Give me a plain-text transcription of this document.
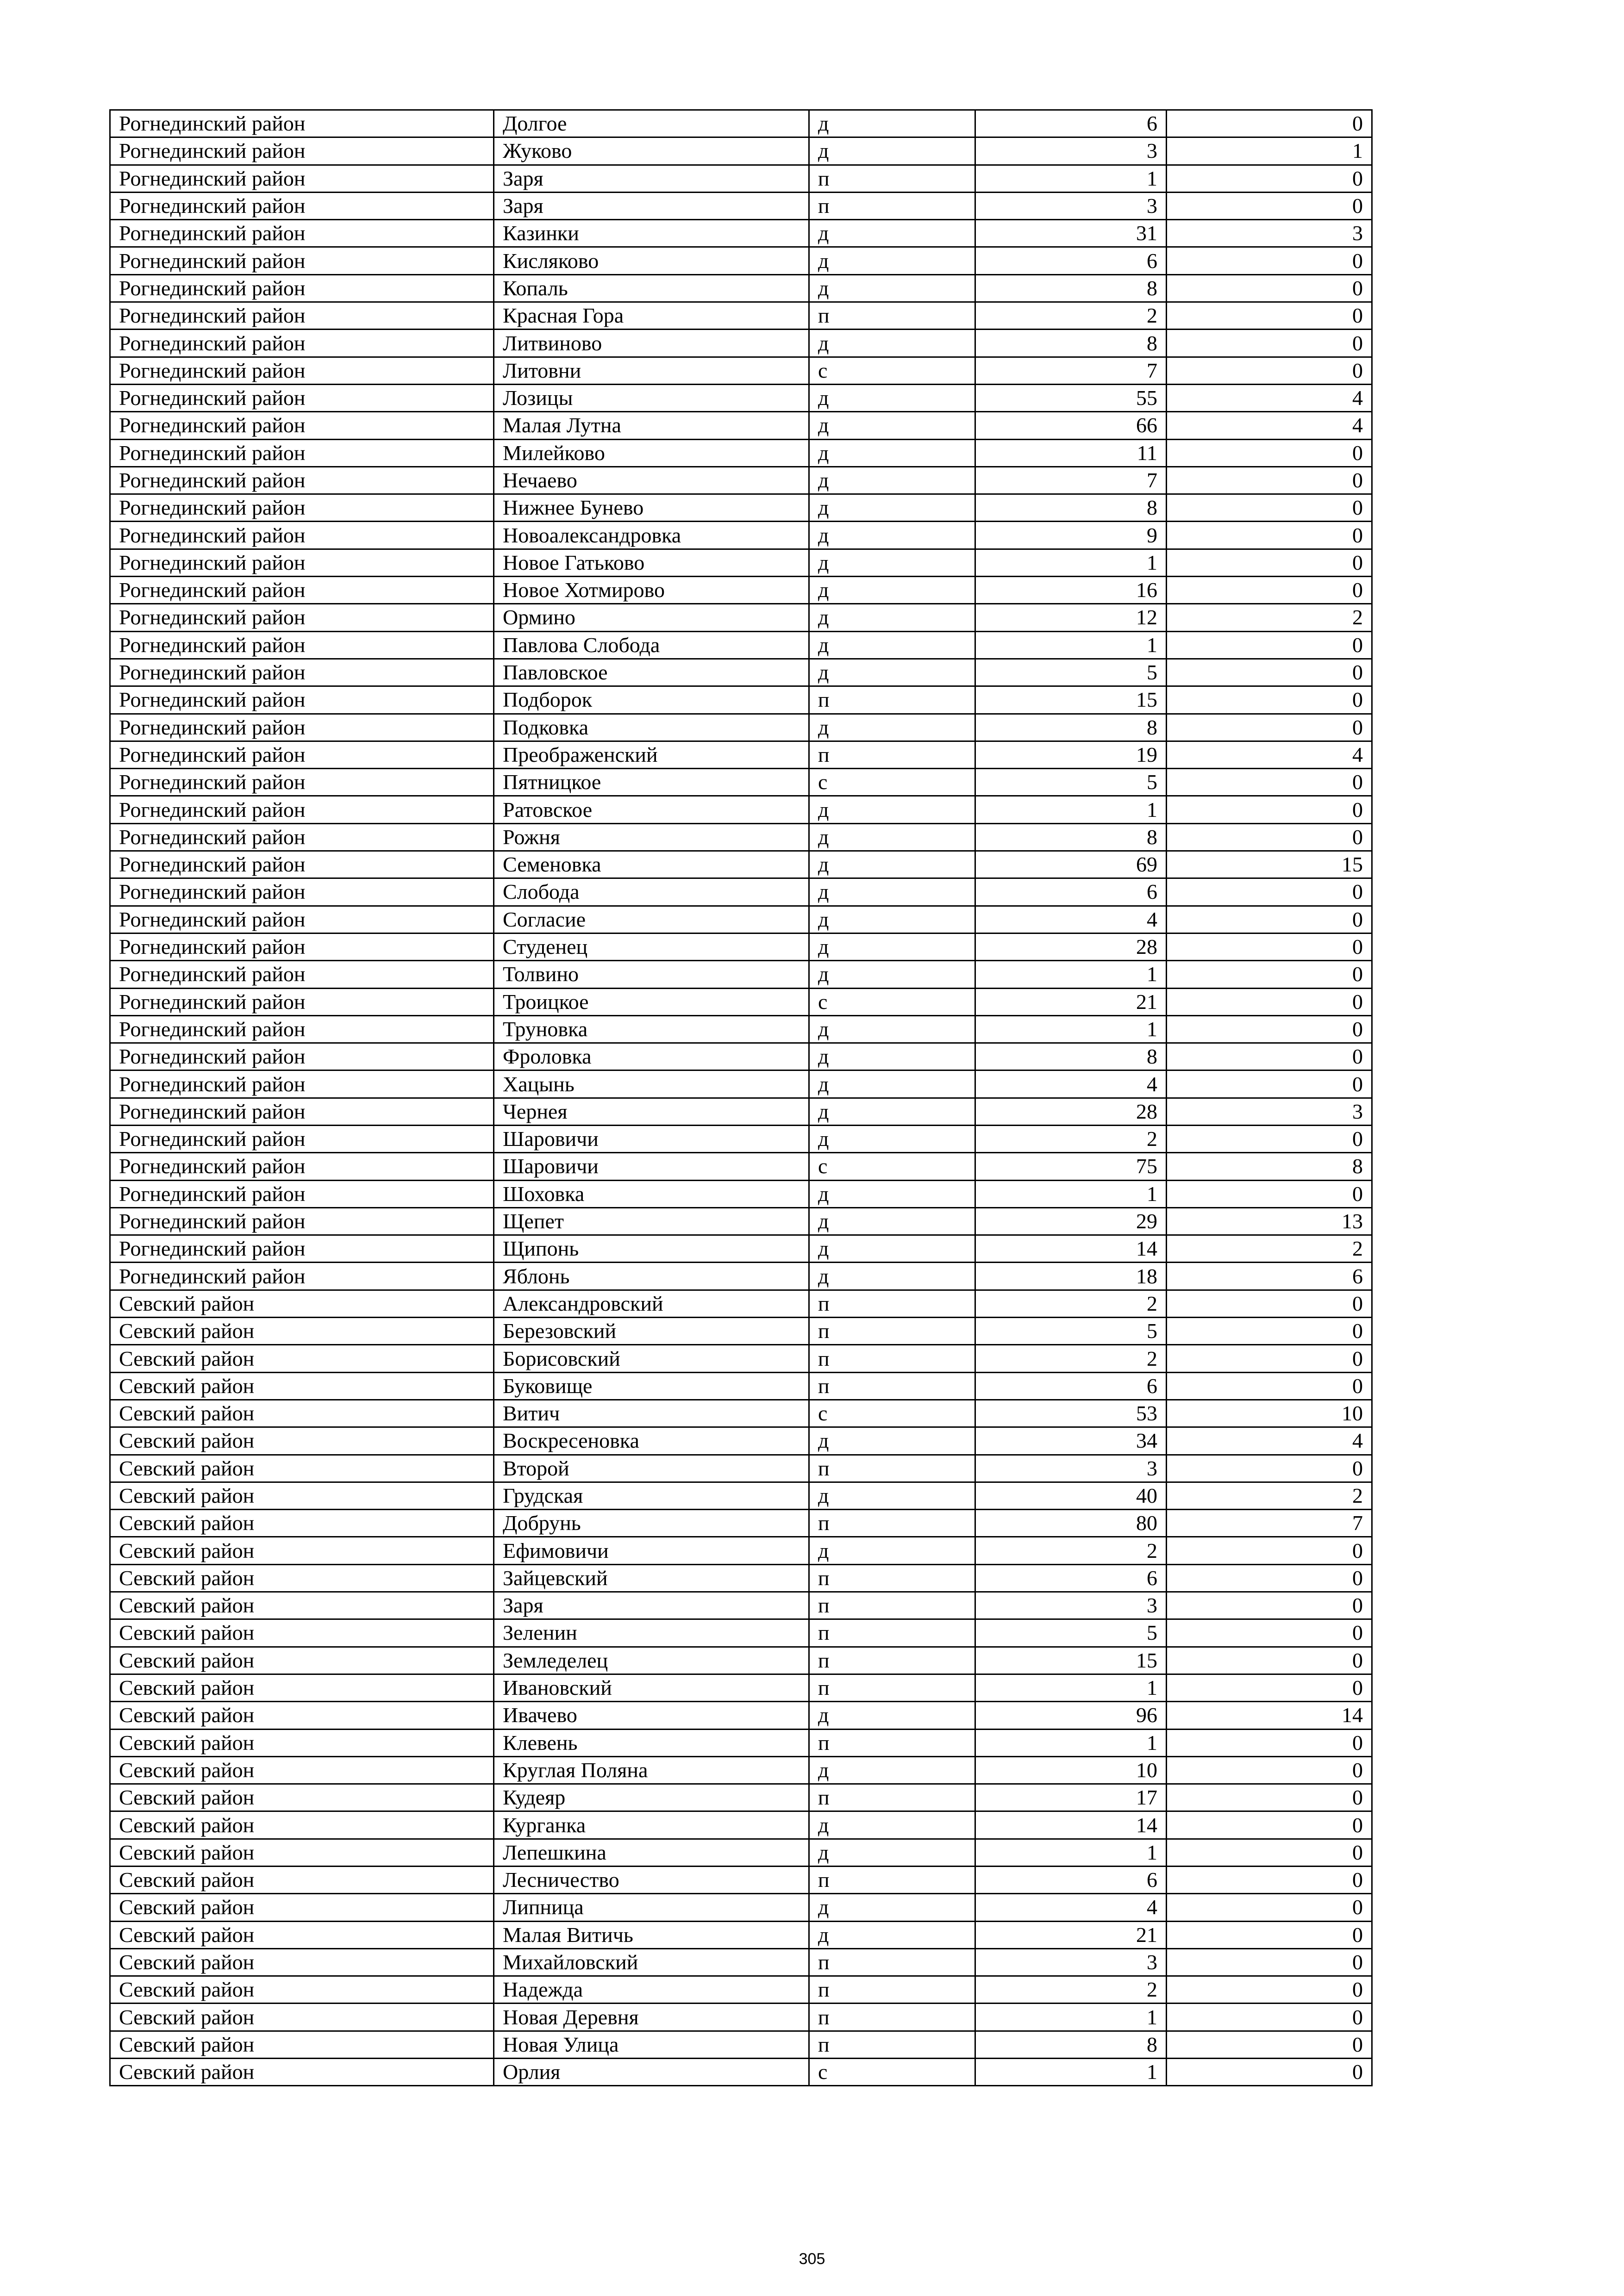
Рогнединский район	Долгое	д	6	0
Рогнединский район	Жуково	д	3	1
Рогнединский район	Заря	п	1	0
Рогнединский район	Заря	п	3	0
Рогнединский район	Казинки	д	31	3
Рогнединский район	Кисляково	д	6	0
Рогнединский район	Копаль	д	8	0
Рогнединский район	Красная Гора	п	2	0
Рогнединский район	Литвиново	д	8	0
Рогнединский район	Литовни	с	7	0
Рогнединский район	Лозицы	д	55	4
Рогнединский район	Малая Лутна	д	66	4
Рогнединский район	Милейково	д	11	0
Рогнединский район	Нечаево	д	7	0
Рогнединский район	Нижнее Бунево	д	8	0
Рогнединский район	Новоалександровка	д	9	0
Рогнединский район	Новое Гатьково	д	1	0
Рогнединский район	Новое Хотмирово	д	16	0
Рогнединский район	Ормино	д	12	2
Рогнединский район	Павлова Слобода	д	1	0
Рогнединский район	Павловское	д	5	0
Рогнединский район	Подборок	п	15	0
Рогнединский район	Подковка	д	8	0
Рогнединский район	Преображенский	п	19	4
Рогнединский район	Пятницкое	с	5	0
Рогнединский район	Ратовское	д	1	0
Рогнединский район	Рожня	д	8	0
Рогнединский район	Семеновка	д	69	15
Рогнединский район	Слобода	д	6	0
Рогнединский район	Согласие	д	4	0
Рогнединский район	Студенец	д	28	0
Рогнединский район	Толвино	д	1	0
Рогнединский район	Троицкое	с	21	0
Рогнединский район	Труновка	д	1	0
Рогнединский район	Фроловка	д	8	0
Рогнединский район	Хацынь	д	4	0
Рогнединский район	Чернея	д	28	3
Рогнединский район	Шаровичи	д	2	0
Рогнединский район	Шаровичи	с	75	8
Рогнединский район	Шоховка	д	1	0
Рогнединский район	Щепет	д	29	13
Рогнединский район	Щипонь	д	14	2
Рогнединский район	Яблонь	д	18	6
Севский район	Александровский	п	2	0
Севский район	Березовский	п	5	0
Севский район	Борисовский	п	2	0
Севский район	Буковище	п	6	0
Севский район	Витич	с	53	10
Севский район	Воскресеновка	д	34	4
Севский район	Второй	п	3	0
Севский район	Грудская	д	40	2
Севский район	Добрунь	п	80	7
Севский район	Ефимовичи	д	2	0
Севский район	Зайцевский	п	6	0
Севский район	Заря	п	3	0
Севский район	Зеленин	п	5	0
Севский район	Земледелец	п	15	0
Севский район	Ивановский	п	1	0
Севский район	Ивачево	д	96	14
Севский район	Клевень	п	1	0
Севский район	Круглая Поляна	д	10	0
Севский район	Кудеяр	п	17	0
Севский район	Курганка	д	14	0
Севский район	Лепешкина	д	1	0
Севский район	Лесничество	п	6	0
Севский район	Липница	д	4	0
Севский район	Малая Витичь	д	21	0
Севский район	Михайловский	п	3	0
Севский район	Надежда	п	2	0
Севский район	Новая Деревня	п	1	0
Севский район	Новая Улица	п	8	0
Севский район	Орлия	с	1	0
305
